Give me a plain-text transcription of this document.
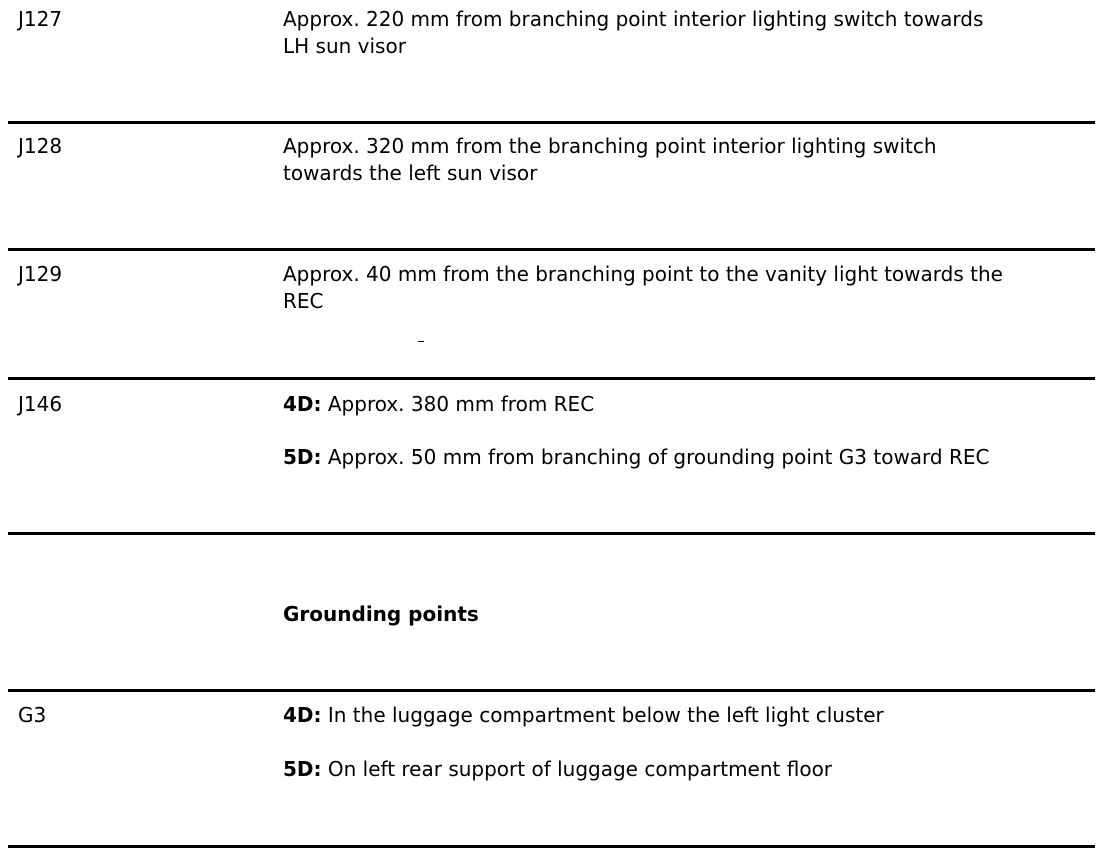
J127	Approx. 220 mm from branching point interior lighting switch towards
LH sun visor
J128	Approx. 320 mm from the branching point interior lighting switch
towards the left sun visor
J129	Approx. 40 mm from the branching point to the vanity light towards the
REC
J146	4D: Approx. 380 mm from REC
5D: Approx. 50 mm from branching of grounding point G3 toward REC
Grounding points
G3	4D: In the luggage compartment below the left light cluster
5D: On left rear support of luggage compartment floor
